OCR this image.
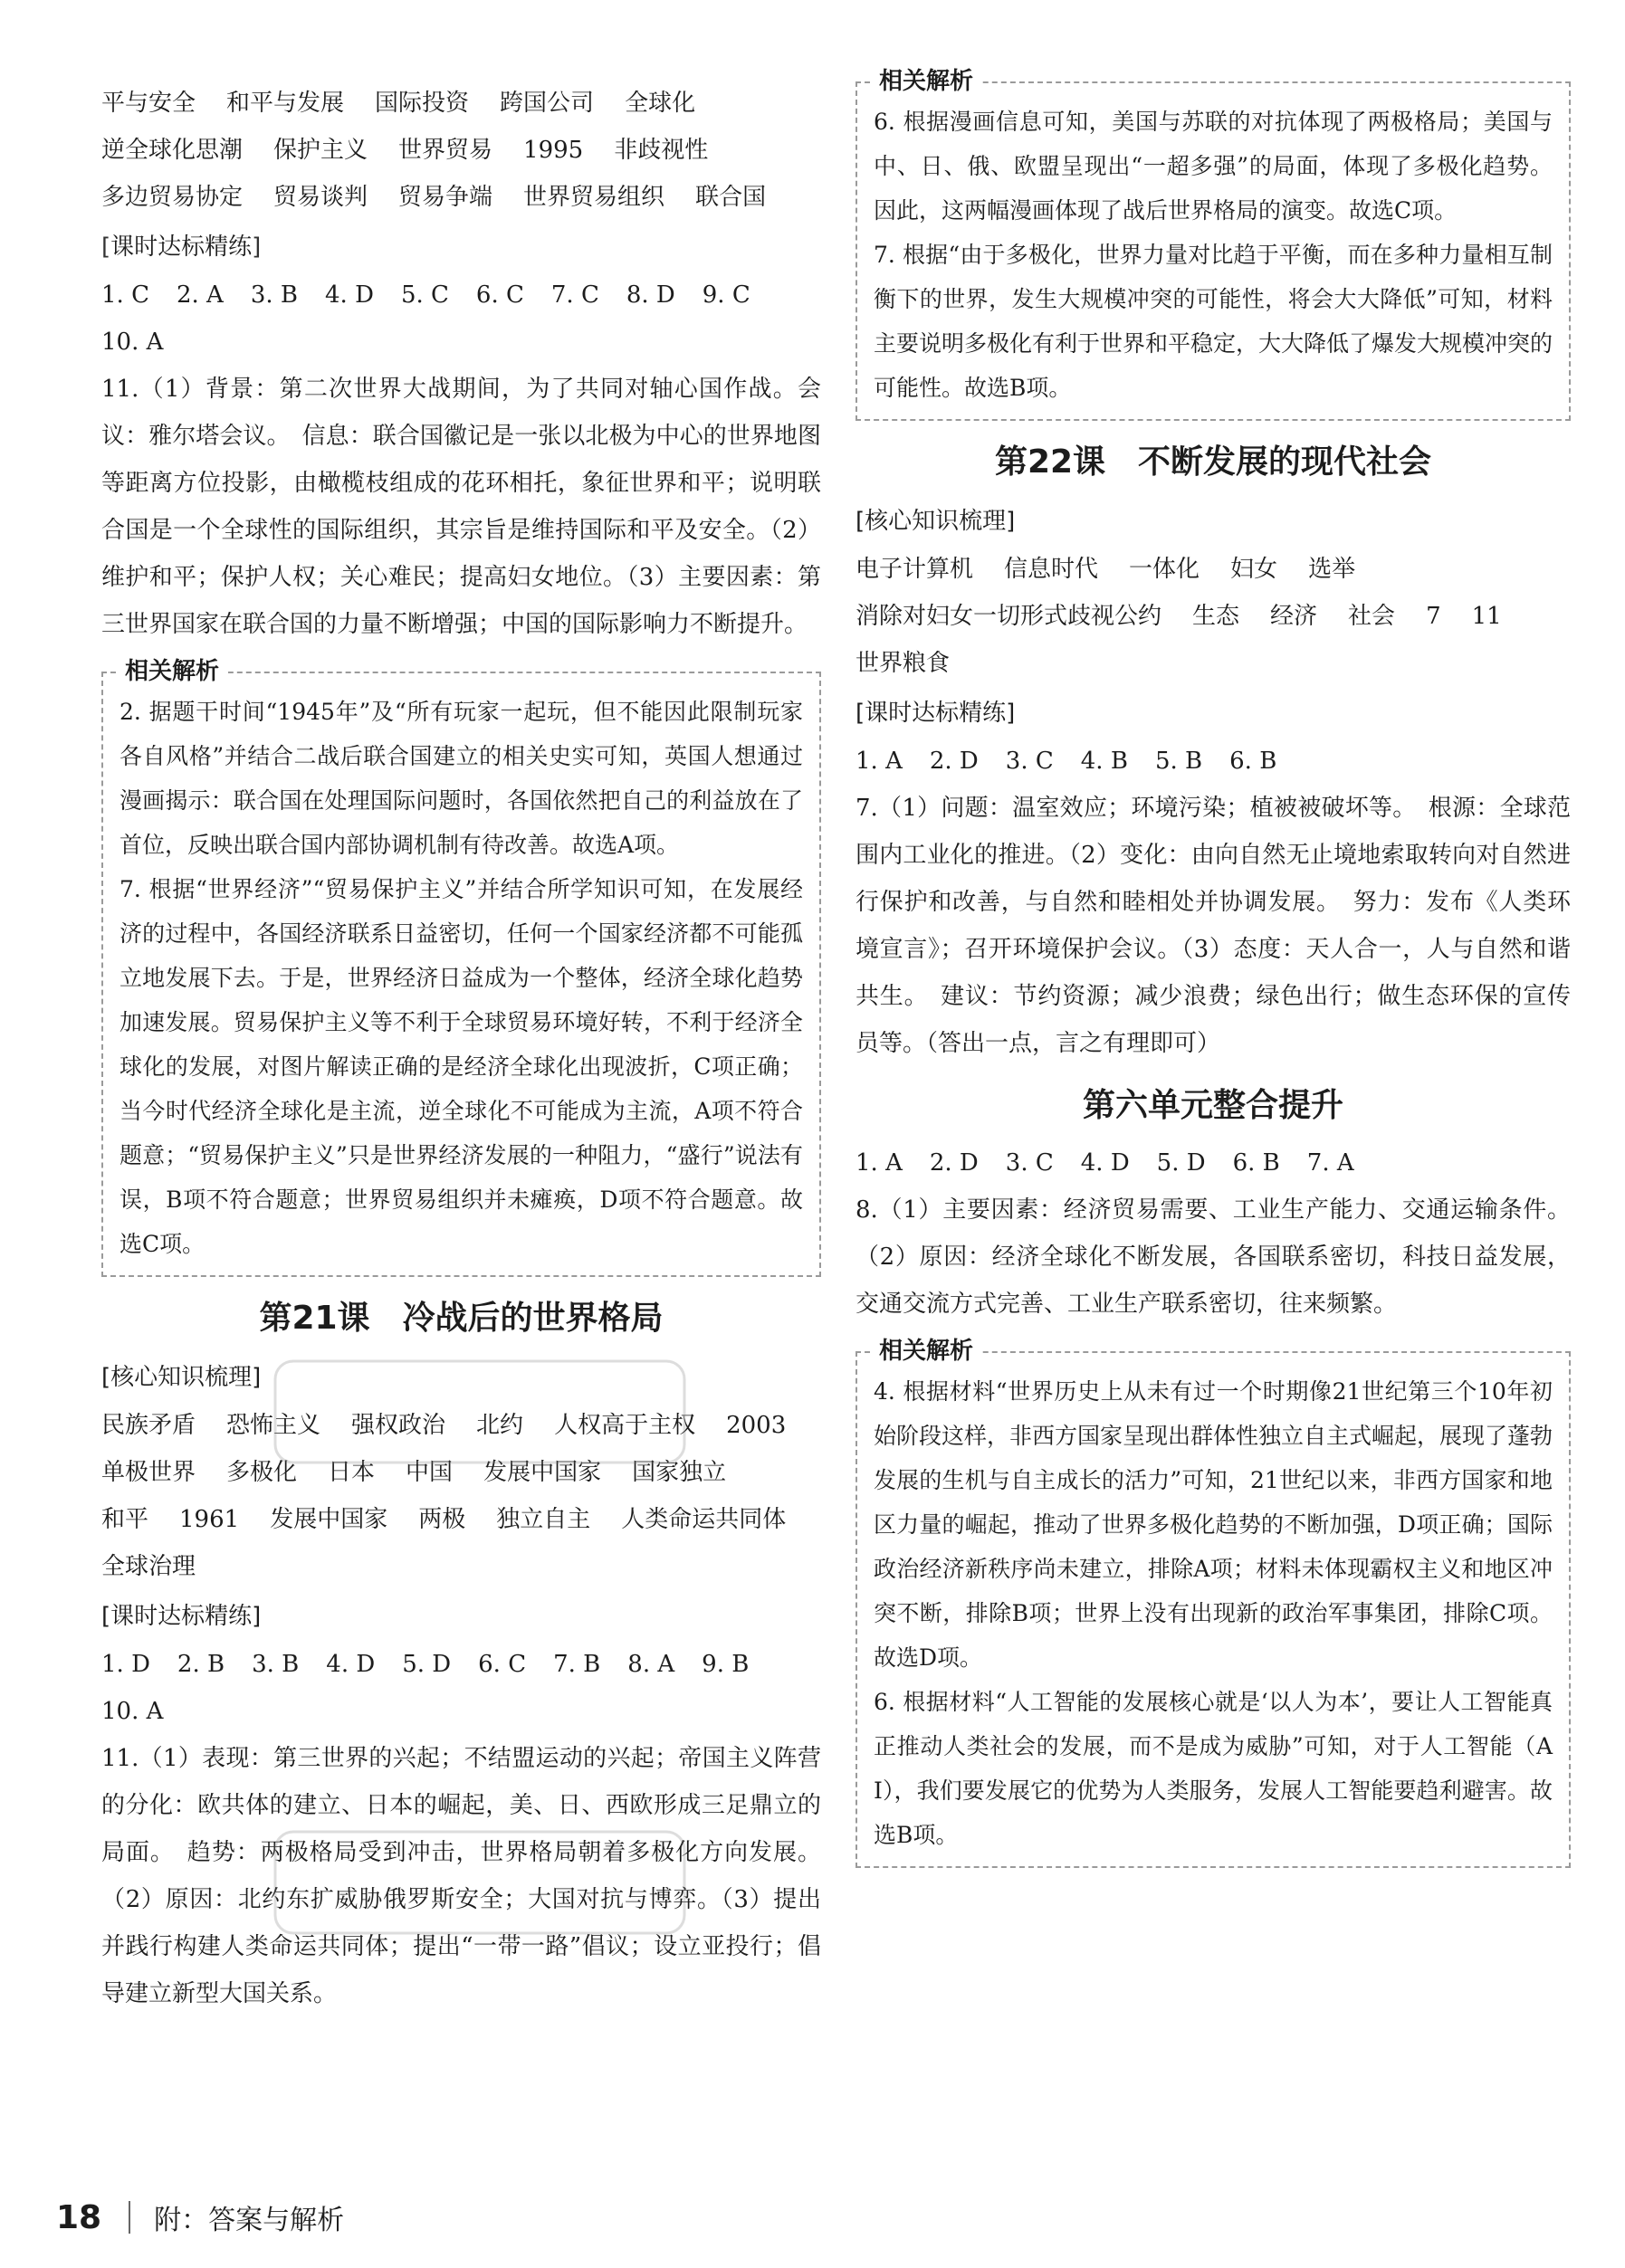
平与安全 和平与发展 国际投资 跨国公司 全球化逆全球化思潮 保护主义 世界贸易 1995 非歧视性多边贸易协定 贸易谈判 贸易争端 世界贸易组织 联合国

[课时达标精练]

1. C 2. A 3. B 4. D 5. C 6. C 7. C 8. D 9. C10. A

11.（1）背景：第二次世界大战期间，为了共同对轴心国作战。会议：雅尔塔会议。　信息：联合国徽记是一张以北极为中心的世界地图等距离方位投影，由橄榄枝组成的花环相托，象征世界和平；说明联合国是一个全球性的国际组织，其宗旨是维持国际和平及安全。（2）维护和平；保护人权；关心难民；提高妇女地位。（3）主要因素：第三世界国家在联合国的力量不断增强；中国的国际影响力不断提升。

相关解析

2. 据题干时间“1945年”及“所有玩家一起玩，但不能因此限制玩家各自风格”并结合二战后联合国建立的相关史实可知，英国人想通过漫画揭示：联合国在处理国际问题时，各国依然把自己的利益放在了首位，反映出联合国内部协调机制有待改善。故选A项。

7. 根据“世界经济”“贸易保护主义”并结合所学知识可知，在发展经济的过程中，各国经济联系日益密切，任何一个国家经济都不可能孤立地发展下去。于是，世界经济日益成为一个整体，经济全球化趋势加速发展。贸易保护主义等不利于全球贸易环境好转，不利于经济全球化的发展，对图片解读正确的是经济全球化出现波折，C项正确；当今时代经济全球化是主流，逆全球化不可能成为主流，A项不符合题意；“贸易保护主义”只是世界经济发展的一种阻力，“盛行”说法有误，B项不符合题意；世界贸易组织并未瘫痪，D项不符合题意。故选C项。

第21课 冷战后的世界格局
[核心知识梳理]

民族矛盾 恐怖主义 强权政治 北约 人权高于主权 2003单极世界 多极化 日本 中国 发展中国家 国家独立和平 1961 发展中国家 两极 独立自主 人类命运共同体全球治理

[课时达标精练]

1. D 2. B 3. B 4. D 5. D 6. C 7. B 8. A 9. B10. A

11.（1）表现：第三世界的兴起；不结盟运动的兴起；帝国主义阵营的分化：欧共体的建立、日本的崛起，美、日、西欧形成三足鼎立的局面。　趋势：两极格局受到冲击，世界格局朝着多极化方向发展。（2）原因：北约东扩威胁俄罗斯安全；大国对抗与博弈。（3）提出并践行构建人类命运共同体；提出“一带一路”倡议；设立亚投行；倡导建立新型大国关系。

相关解析

6. 根据漫画信息可知，美国与苏联的对抗体现了两极格局；美国与中、日、俄、欧盟呈现出“一超多强”的局面，体现了多极化趋势。因此，这两幅漫画体现了战后世界格局的演变。故选C项。

7. 根据“由于多极化，世界力量对比趋于平衡，而在多种力量相互制衡下的世界，发生大规模冲突的可能性，将会大大降低”可知，材料主要说明多极化有利于世界和平稳定，大大降低了爆发大规模冲突的可能性。故选B项。

第22课 不断发展的现代社会
[核心知识梳理]

电子计算机 信息时代 一体化 妇女 选举消除对妇女一切形式歧视公约 生态 经济 社会 7 11世界粮食

[课时达标精练]

1. A 2. D 3. C 4. B 5. B 6. B

7.（1）问题：温室效应；环境污染；植被被破坏等。　根源：全球范围内工业化的推进。（2）变化：由向自然无止境地索取转向对自然进行保护和改善，与自然和睦相处并协调发展。　努力：发布《人类环境宣言》；召开环境保护会议。（3）态度：天人合一，人与自然和谐共生。　建议：节约资源；减少浪费；绿色出行；做生态环保的宣传员等。（答出一点，言之有理即可）

第六单元整合提升

1. A 2. D 3. C 4. D 5. D 6. B 7. A

8.（1）主要因素：经济贸易需要、工业生产能力、交通运输条件。（2）原因：经济全球化不断发展，各国联系密切，科技日益发展，交通交流方式完善、工业生产联系密切，往来频繁。

相关解析

4. 根据材料“世界历史上从未有过一个时期像21世纪第三个10年初始阶段这样，非西方国家呈现出群体性独立自主式崛起，展现了蓬勃发展的生机与自主成长的活力”可知，21世纪以来，非西方国家和地区力量的崛起，推动了世界多极化趋势的不断加强，D项正确；国际政治经济新秩序尚未建立，排除A项；材料未体现霸权主义和地区冲突不断，排除B项；世界上没有出现新的政治军事集团，排除C项。故选D项。

6. 根据材料“人工智能的发展核心就是‘以人为本’，要让人工智能真正推动人类社会的发展，而不是成为威胁”可知，对于人工智能（AI），我们要发展它的优势为人类服务，发展人工智能要趋利避害。故选B项。

18 附：答案与解析
